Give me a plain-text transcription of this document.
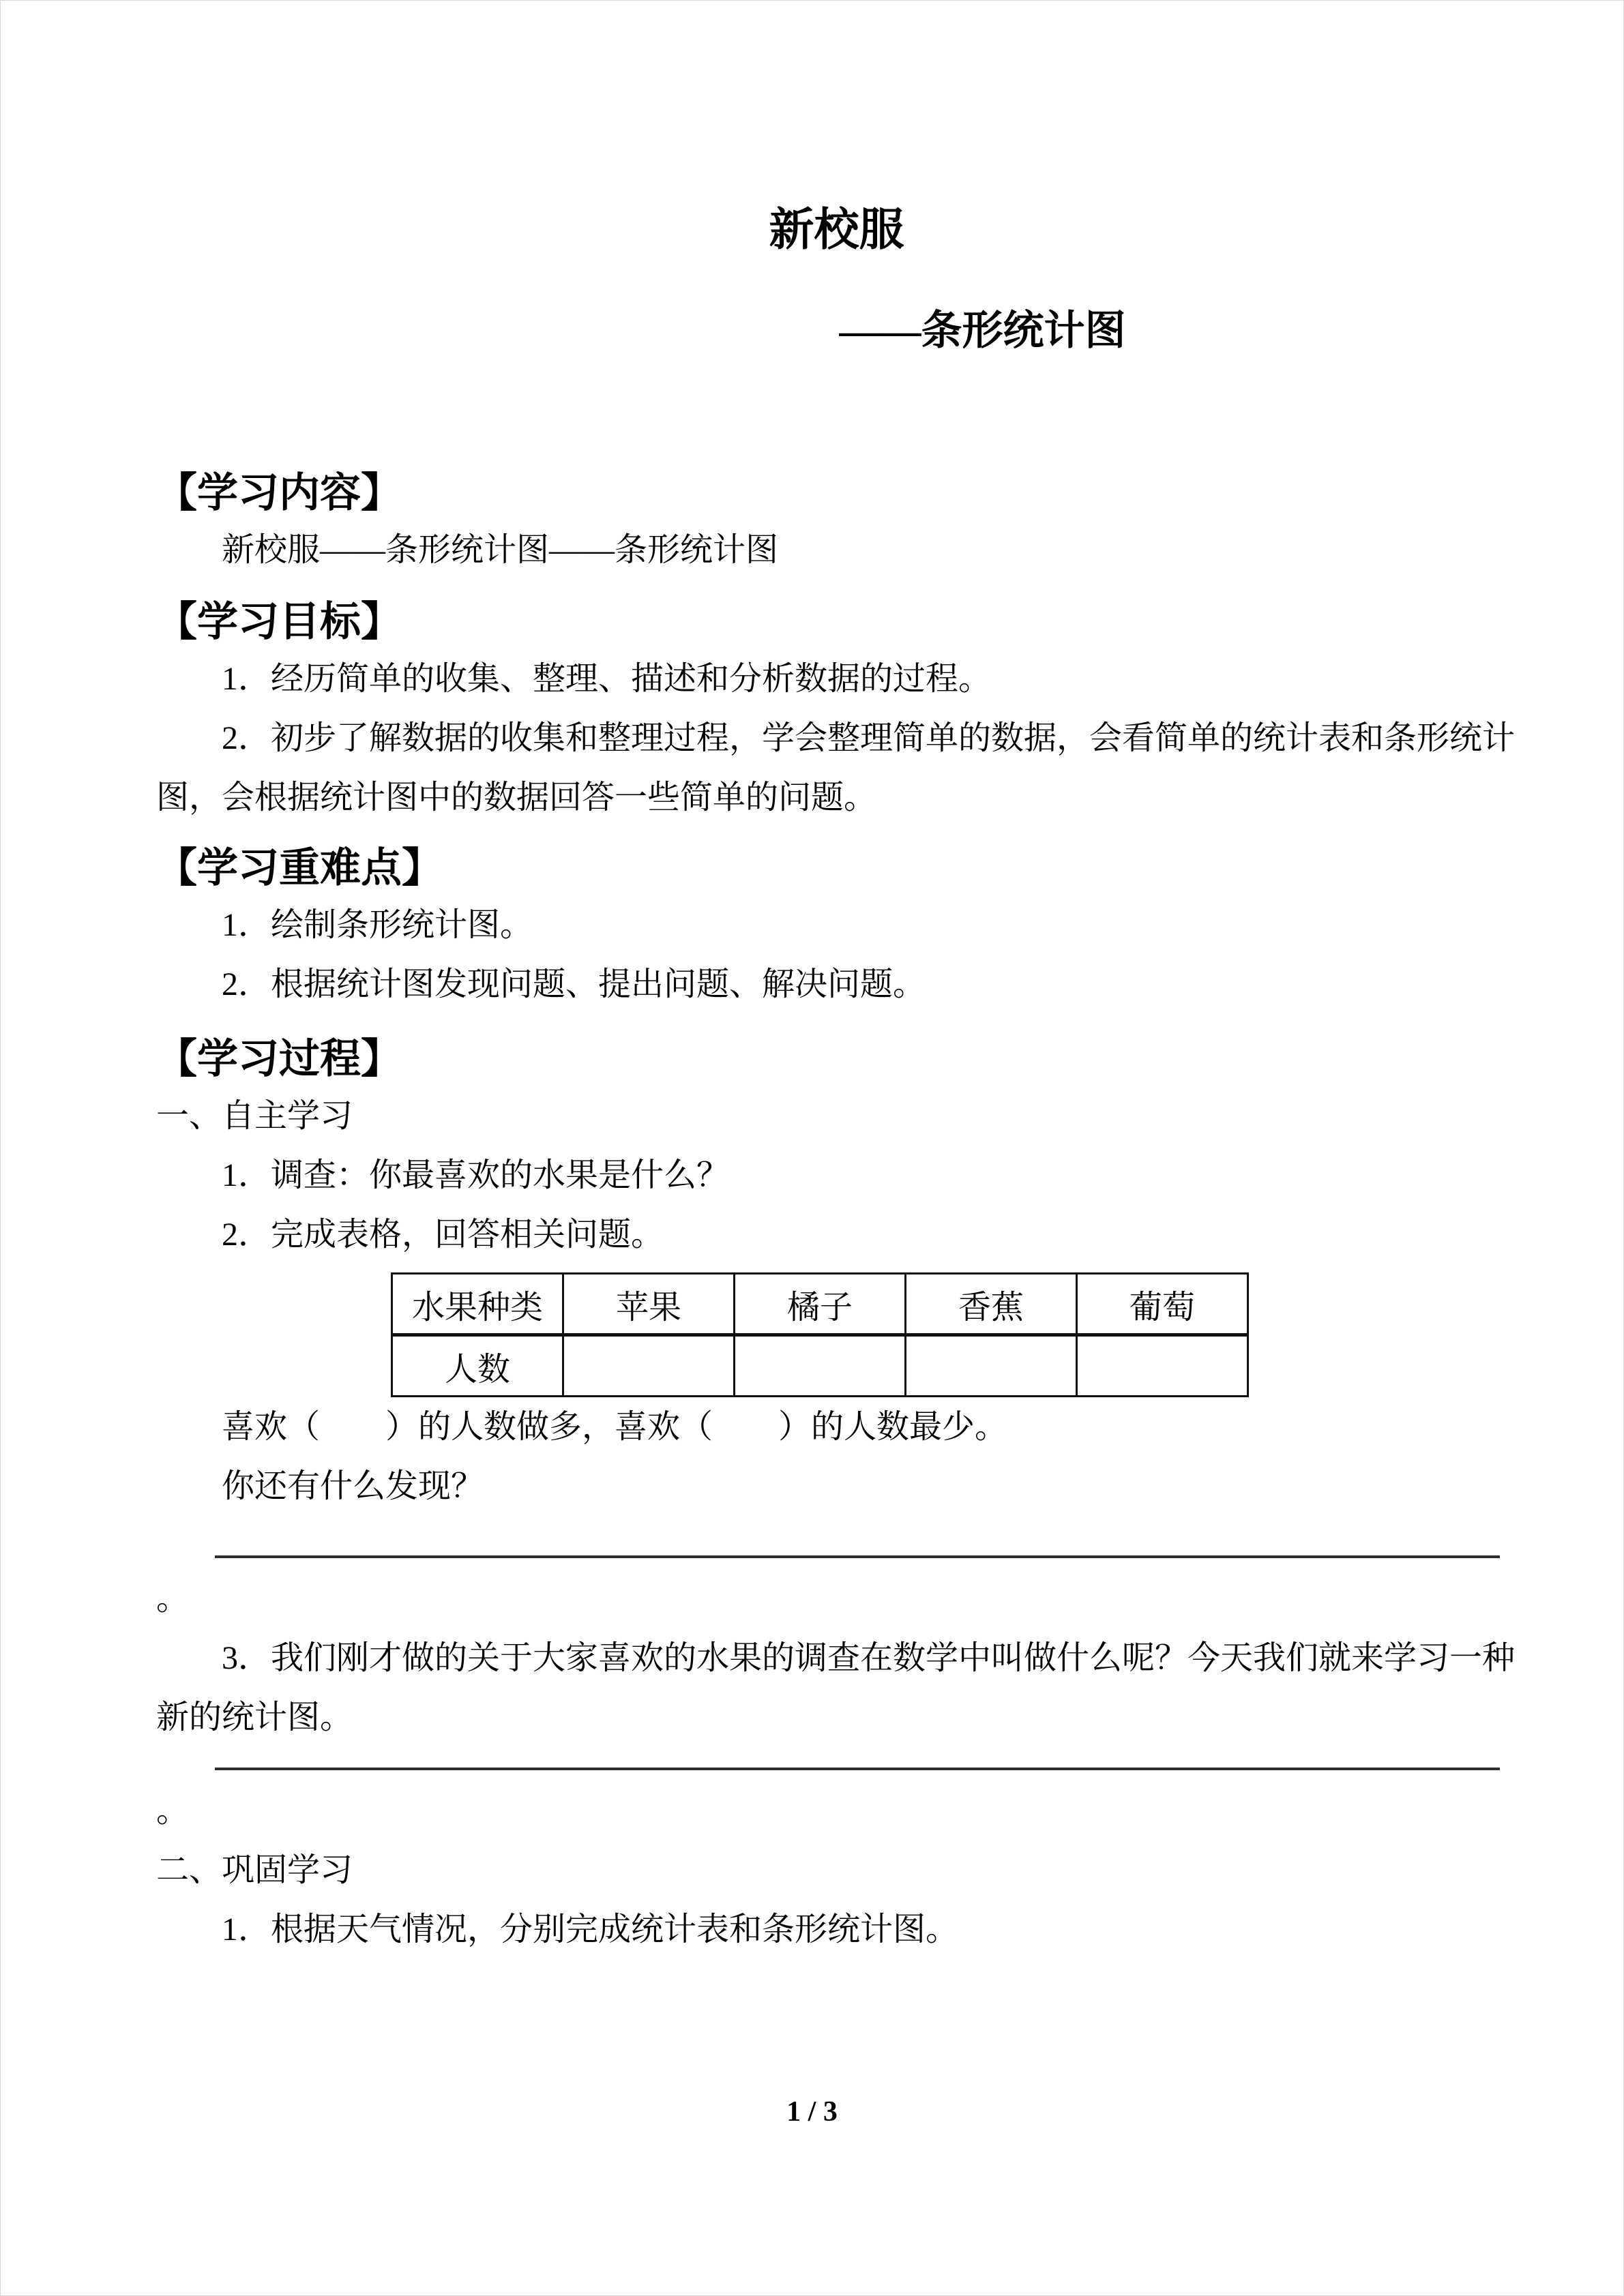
新校服
——条形统计图
【学习内容】

新校服——条形统计图——条形统计图

【学习目标】

1．经历简单的收集、整理、描述和分析数据的过程。

2．初步了解数据的收集和整理过程，学会整理简单的数据，会看简单的统计表和条形统计图，会根据统计图中的数据回答一些简单的问题。

【学习重难点】

1．绘制条形统计图。

2．根据统计图发现问题、提出问题、解决问题。

【学习过程】

一、自主学习

1．调查：你最喜欢的水果是什么？

2．完成表格，回答相关问题。

水果种类	苹果	橘子	香蕉	葡萄
人数				

喜欢（　　）的人数做多，喜欢（　　）的人数最少。

你还有什么发现？

。

3．我们刚才做的关于大家喜欢的水果的调查在数学中叫做什么呢？今天我们就来学习一种新的统计图。

。

二、巩固学习

1．根据天气情况，分别完成统计表和条形统计图。

1 / 3
